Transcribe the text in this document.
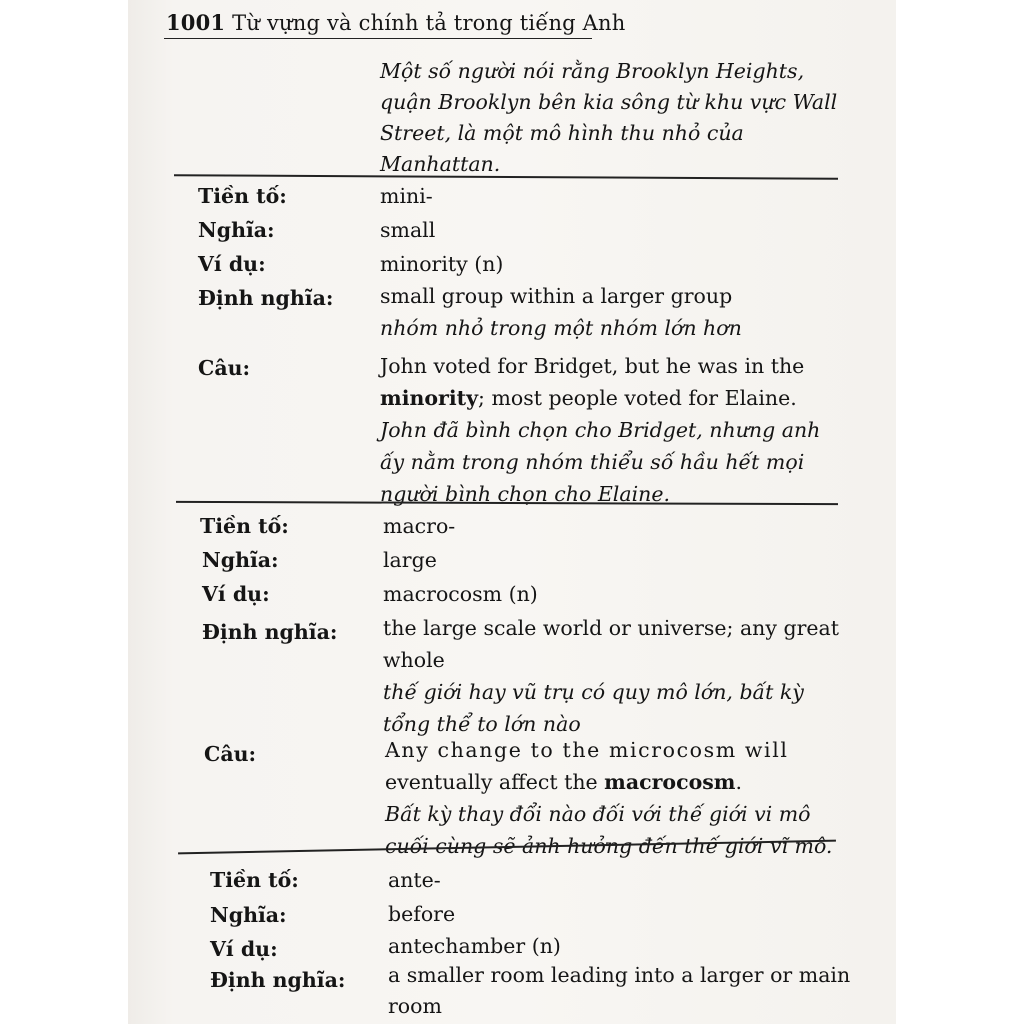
1001 Từ vựng và chính tả trong tiếng Anh

Một số người nói rằng Brooklyn Heights,

quận Brooklyn bên kia sông từ khu vực Wall

Street, là một mô hình thu nhỏ của

Manhattan.

Tiền tố:	mini-
Nghĩa:	small
Ví dụ:	minority (n)
Định nghĩa: small group within a larger group
nhóm nhỏ trong một nhóm lớn hơn
Câu:	John voted for Bridget, but he was in the
minority; most people voted for Elaine.
John đã bình chọn cho Bridget, nhưng anh
ấy nằm trong nhóm thiểu số hầu hết mọi
người bình chọn cho Elaine.
Tiền tố:	macro-
Nghĩa:	large
Ví dụ:	macrocosm (n)
Định nghĩa: the large scale world or universe; any great
whole
thế giới hay vũ trụ có quy mô lớn, bất kỳ
tổng thể to lớn nào
Câu:	Any change to the microcosm will
eventually affect the macrocosm.
Bất kỳ thay đổi nào đối với thế giới vi mô
cuối cùng sẽ ảnh hưởng đến thế giới vĩ mô.
Tiền tố:	ante-
Nghĩa:	before
Ví dụ:	antechamber (n)
Định nghĩa: a smaller room leading into a larger or main
room
